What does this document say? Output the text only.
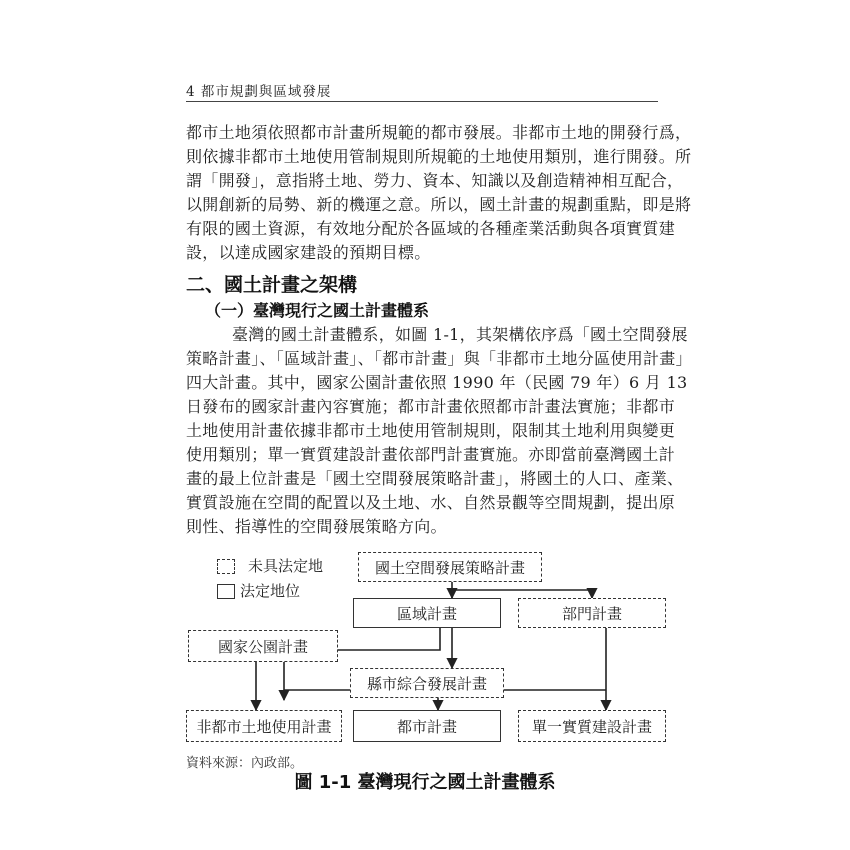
4 都市規劃與區域發展
都市土地須依照都市計畫所規範的都市發展。非都市土地的開發行爲，
則依據非都市土地使用管制規則所規範的土地使用類別，進行開發。所
謂「開發」，意指將土地、勞力、資本、知識以及創造精神相互配合，
以開創新的局勢、新的機運之意。所以，國土計畫的規劃重點，即是將
有限的國土資源，有效地分配於各區域的各種產業活動與各項實質建
設，以達成國家建設的預期目標。
二、國土計畫之架構
（一）臺灣現行之國土計畫體系
臺灣的國土計畫體系，如圖 1-1，其架構依序爲「國土空間發展
策略計畫」、「區域計畫」、「都市計畫」與「非都市土地分區使用計畫」
四大計畫。其中，國家公園計畫依照 1990 年（民國 79 年）6 月 13
日發布的國家計畫內容實施；都市計畫依照都市計畫法實施；非都市
土地使用計畫依據非都市土地使用管制規則，限制其土地利用與變更
使用類別；單一實質建設計畫依部門計畫實施。亦即當前臺灣國土計
畫的最上位計畫是「國土空間發展策略計畫」，將國土的人口、產業、
實質設施在空間的配置以及土地、水、自然景觀等空間規劃，提出原
則性、指導性的空間發展策略方向。
未具法定地
法定地位
國土空間發展策略計畫
區域計畫	部門計畫
國家公園計畫
縣市綜合發展計畫
非都市土地使用計畫	都市計畫	單一實質建設計畫
資料來源：內政部。
圖 1-1 臺灣現行之國土計畫體系
